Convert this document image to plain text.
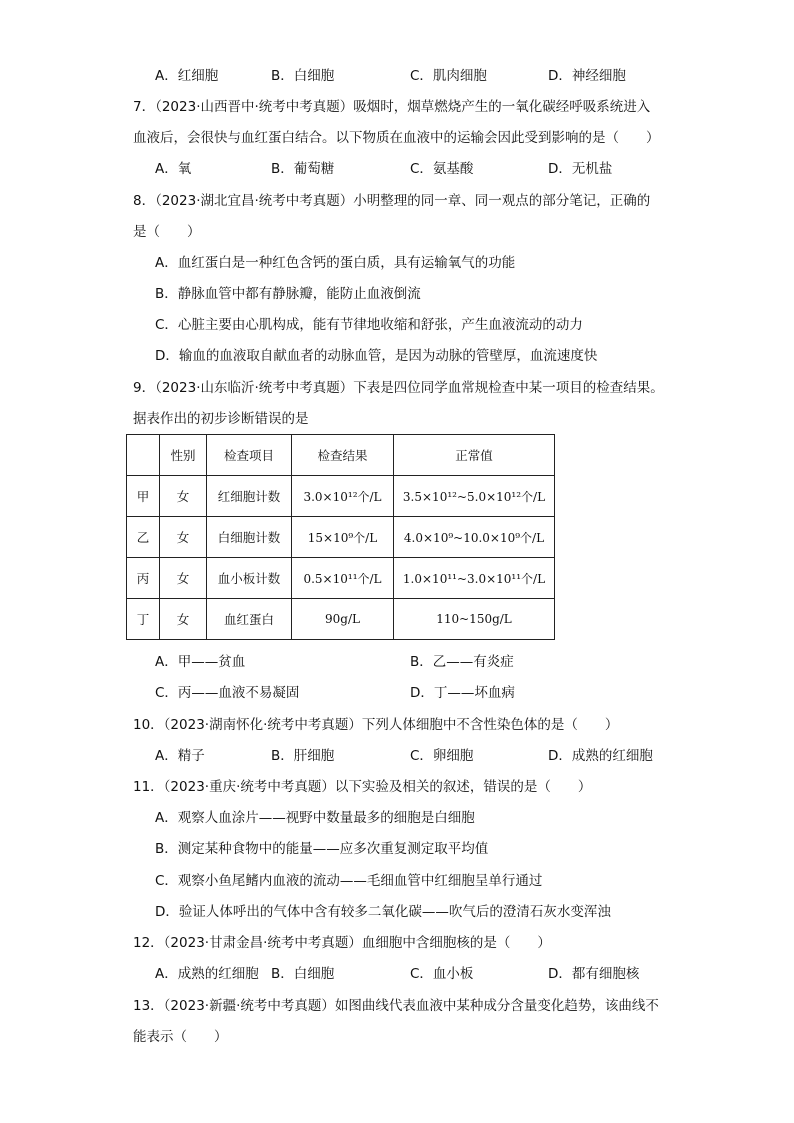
A．红细胞	B．白细胞	C．肌肉细胞	D．神经细胞
7．（2023·山西晋中·统考中考真题）吸烟时，烟草燃烧产生的一氧化碳经呼吸系统进入
血液后，会很快与血红蛋白结合。以下物质在血液中的运输会因此受到影响的是（　　）
A．氧	B．葡萄糖	C．氨基酸	D．无机盐
8．（2023·湖北宜昌·统考中考真题）小明整理的同一章、同一观点的部分笔记，正确的
是（　　）
A．血红蛋白是一种红色含钙的蛋白质，具有运输氧气的功能
B．静脉血管中都有静脉瓣，能防止血液倒流
C．心脏主要由心肌构成，能有节律地收缩和舒张，产生血液流动的动力
D．输血的血液取自献血者的动脉血管，是因为动脉的管壁厚，血流速度快
9．（2023·山东临沂·统考中考真题）下表是四位同学血常规检查中某一项目的检查结果。
据表作出的初步诊断错误的是
	性别	检查项目	检查结果	正常值
甲	女	红细胞计数	3.0×10¹²个/L	3.5×10¹²~5.0×10¹²个/L
乙	女	白细胞计数	15×10⁹个/L	4.0×10⁹~10.0×10⁹个/L
丙	女	血小板计数	0.5×10¹¹个/L	1.0×10¹¹~3.0×10¹¹个/L
丁	女	血红蛋白	90g/L	110~150g/L
A．甲——贫血	B．乙——有炎症
C．丙——血液不易凝固	D．丁——坏血病
10．（2023·湖南怀化·统考中考真题）下列人体细胞中不含性染色体的是（　　）
A．精子	B．肝细胞	C．卵细胞	D．成熟的红细胞
11．（2023·重庆·统考中考真题）以下实验及相关的叙述，错误的是（　　）
A．观察人血涂片——视野中数量最多的细胞是白细胞
B．测定某种食物中的能量——应多次重复测定取平均值
C．观察小鱼尾鳍内血液的流动——毛细血管中红细胞呈单行通过
D．验证人体呼出的气体中含有较多二氧化碳——吹气后的澄清石灰水变浑浊
12．（2023·甘肃金昌·统考中考真题）血细胞中含细胞核的是（　　）
A．成熟的红细胞 B．白细胞	C．血小板	D．都有细胞核
13．（2023·新疆·统考中考真题）如图曲线代表血液中某种成分含量变化趋势，该曲线不
能表示（　　）
